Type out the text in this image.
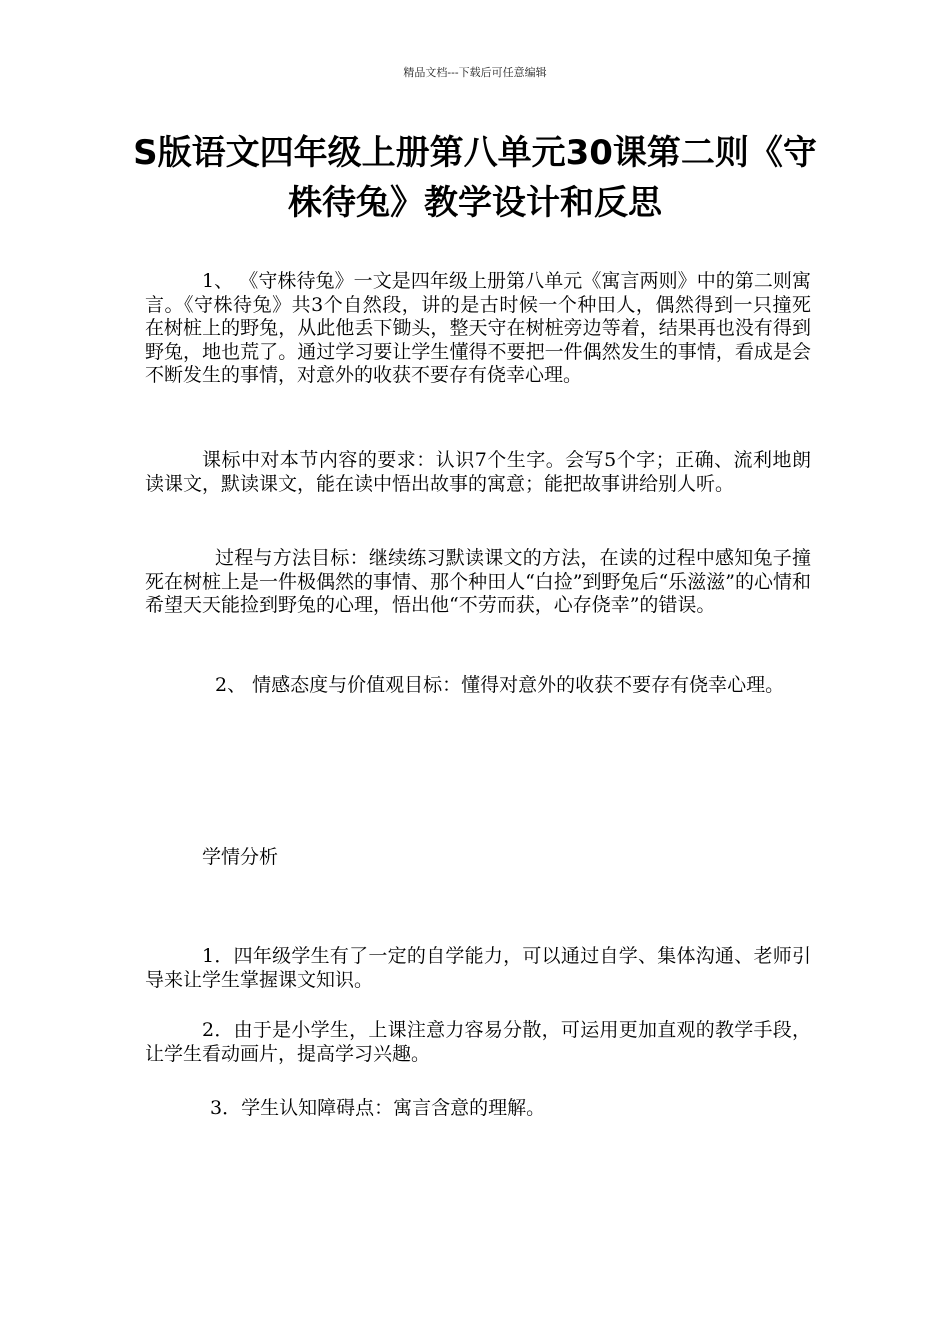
精品文档---下载后可任意编辑
S版语文四年级上册第八单元30课第二则《守株待兔》教学设计和反思

1、 《守株待兔》一文是四年级上册第八单元《寓言两则》中的第二则寓言。《守株待兔》共3个自然段，讲的是古时候一个种田人，偶然得到一只撞死在树桩上的野兔，从此他丢下锄头，整天守在树桩旁边等着，结果再也没有得到野兔，地也荒了。通过学习要让学生懂得不要把一件偶然发生的事情，看成是会不断发生的事情，对意外的收获不要存有侥幸心理。

课标中对本节内容的要求：认识7个生字。会写5个字；正确、流利地朗读课文，默读课文，能在读中悟出故事的寓意；能把故事讲给别人听。

过程与方法目标：继续练习默读课文的方法，在读的过程中感知兔子撞死在树桩上是一件极偶然的事情、那个种田人“白捡”到野兔后“乐滋滋”的心情和希望天天能捡到野兔的心理，悟出他“不劳而获，心存侥幸”的错误。

2、 情感态度与价值观目标：懂得对意外的收获不要存有侥幸心理。

学情分析

1．四年级学生有了一定的自学能力，可以通过自学、集体沟通、老师引导来让学生掌握课文知识。

2．由于是小学生，上课注意力容易分散，可运用更加直观的教学手段，让学生看动画片，提高学习兴趣。

3．学生认知障碍点：寓言含意的理解。
